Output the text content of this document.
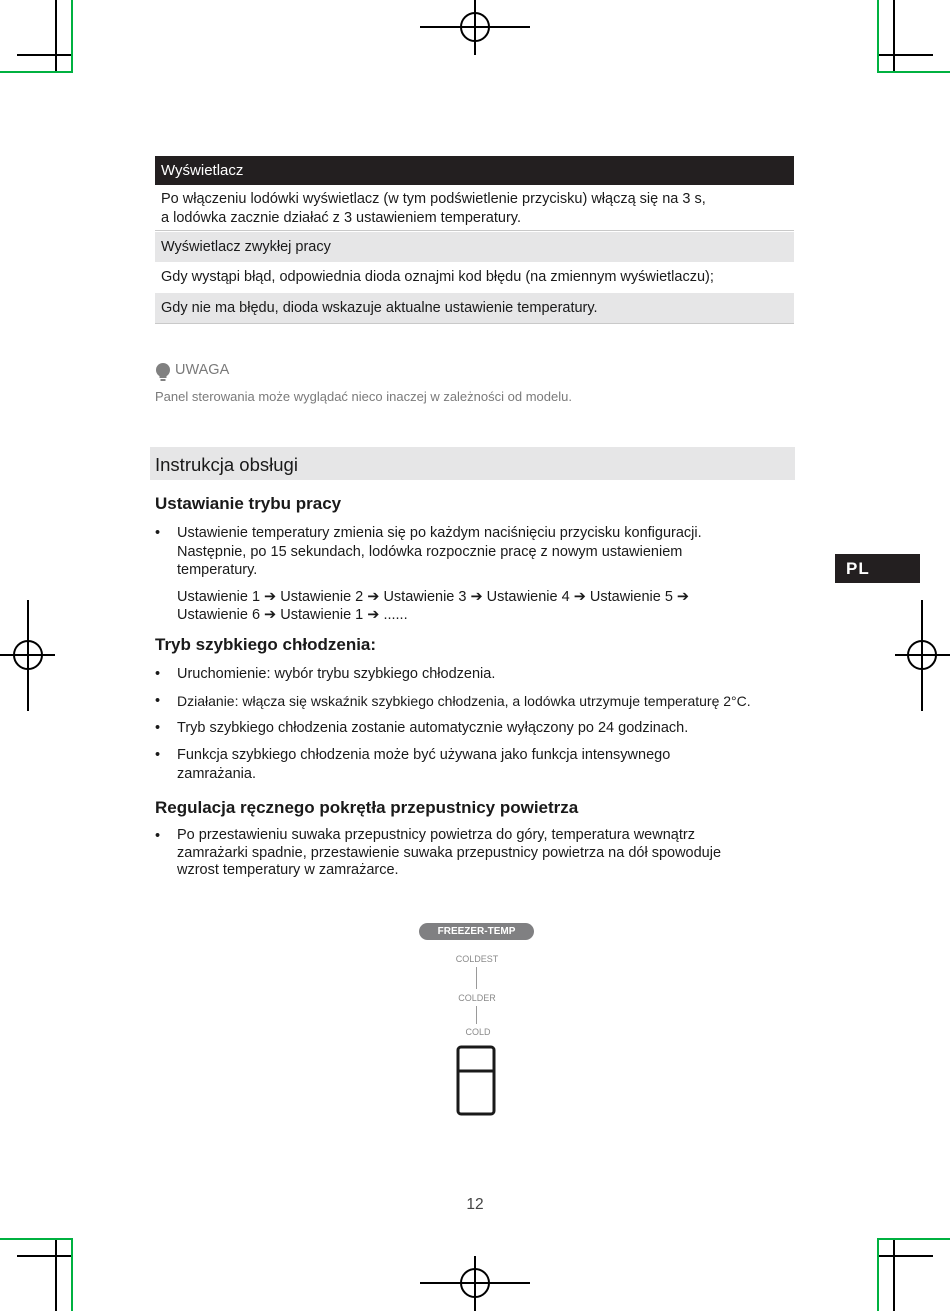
Wyświetlacz
Po włączeniu lodówki wyświetlacz (w tym podświetlenie przycisku) włączą się na 3 s,
a lodówka zacznie działać z 3 ustawieniem temperatury.
Wyświetlacz zwykłej pracy
Gdy wystąpi błąd, odpowiednia dioda oznajmi kod błędu (na zmiennym wyświetlaczu);
Gdy nie ma błędu, dioda wskazuje aktualne ustawienie temperatury.
UWAGA
Panel sterowania może wyglądać nieco inaczej w zależności od modelu.
Instrukcja obsługi
Ustawianie trybu pracy
• Ustawienie temperatury zmienia się po każdym naciśnięciu przycisku konfiguracji.
Następnie, po 15 sekundach, lodówka rozpocznie pracę z nowym ustawieniem
temperatury.
Ustawienie 1 ➔ Ustawienie 2 ➔ Ustawienie 3 ➔ Ustawienie 4 ➔ Ustawienie 5 ➔
Ustawienie 6 ➔ Ustawienie 1 ➔ ......
Tryb szybkiego chłodzenia:
• Uruchomienie: wybór trybu szybkiego chłodzenia.
• Działanie: włącza się wskaźnik szybkiego chłodzenia, a lodówka utrzymuje temperaturę 2°C.
• Tryb szybkiego chłodzenia zostanie automatycznie wyłączony po 24 godzinach.
• Funkcja szybkiego chłodzenia może być używana jako funkcja intensywnego
zamrażania.
Regulacja ręcznego pokrętła przepustnicy powietrza
• Po przestawieniu suwaka przepustnicy powietrza do góry, temperatura wewnątrz
zamrażarki spadnie, przestawienie suwaka przepustnicy powietrza na dół spowoduje
wzrost temperatury w zamrażarce.
FREEZER-TEMP
COLDEST
COLDER
COLD
PL
12
